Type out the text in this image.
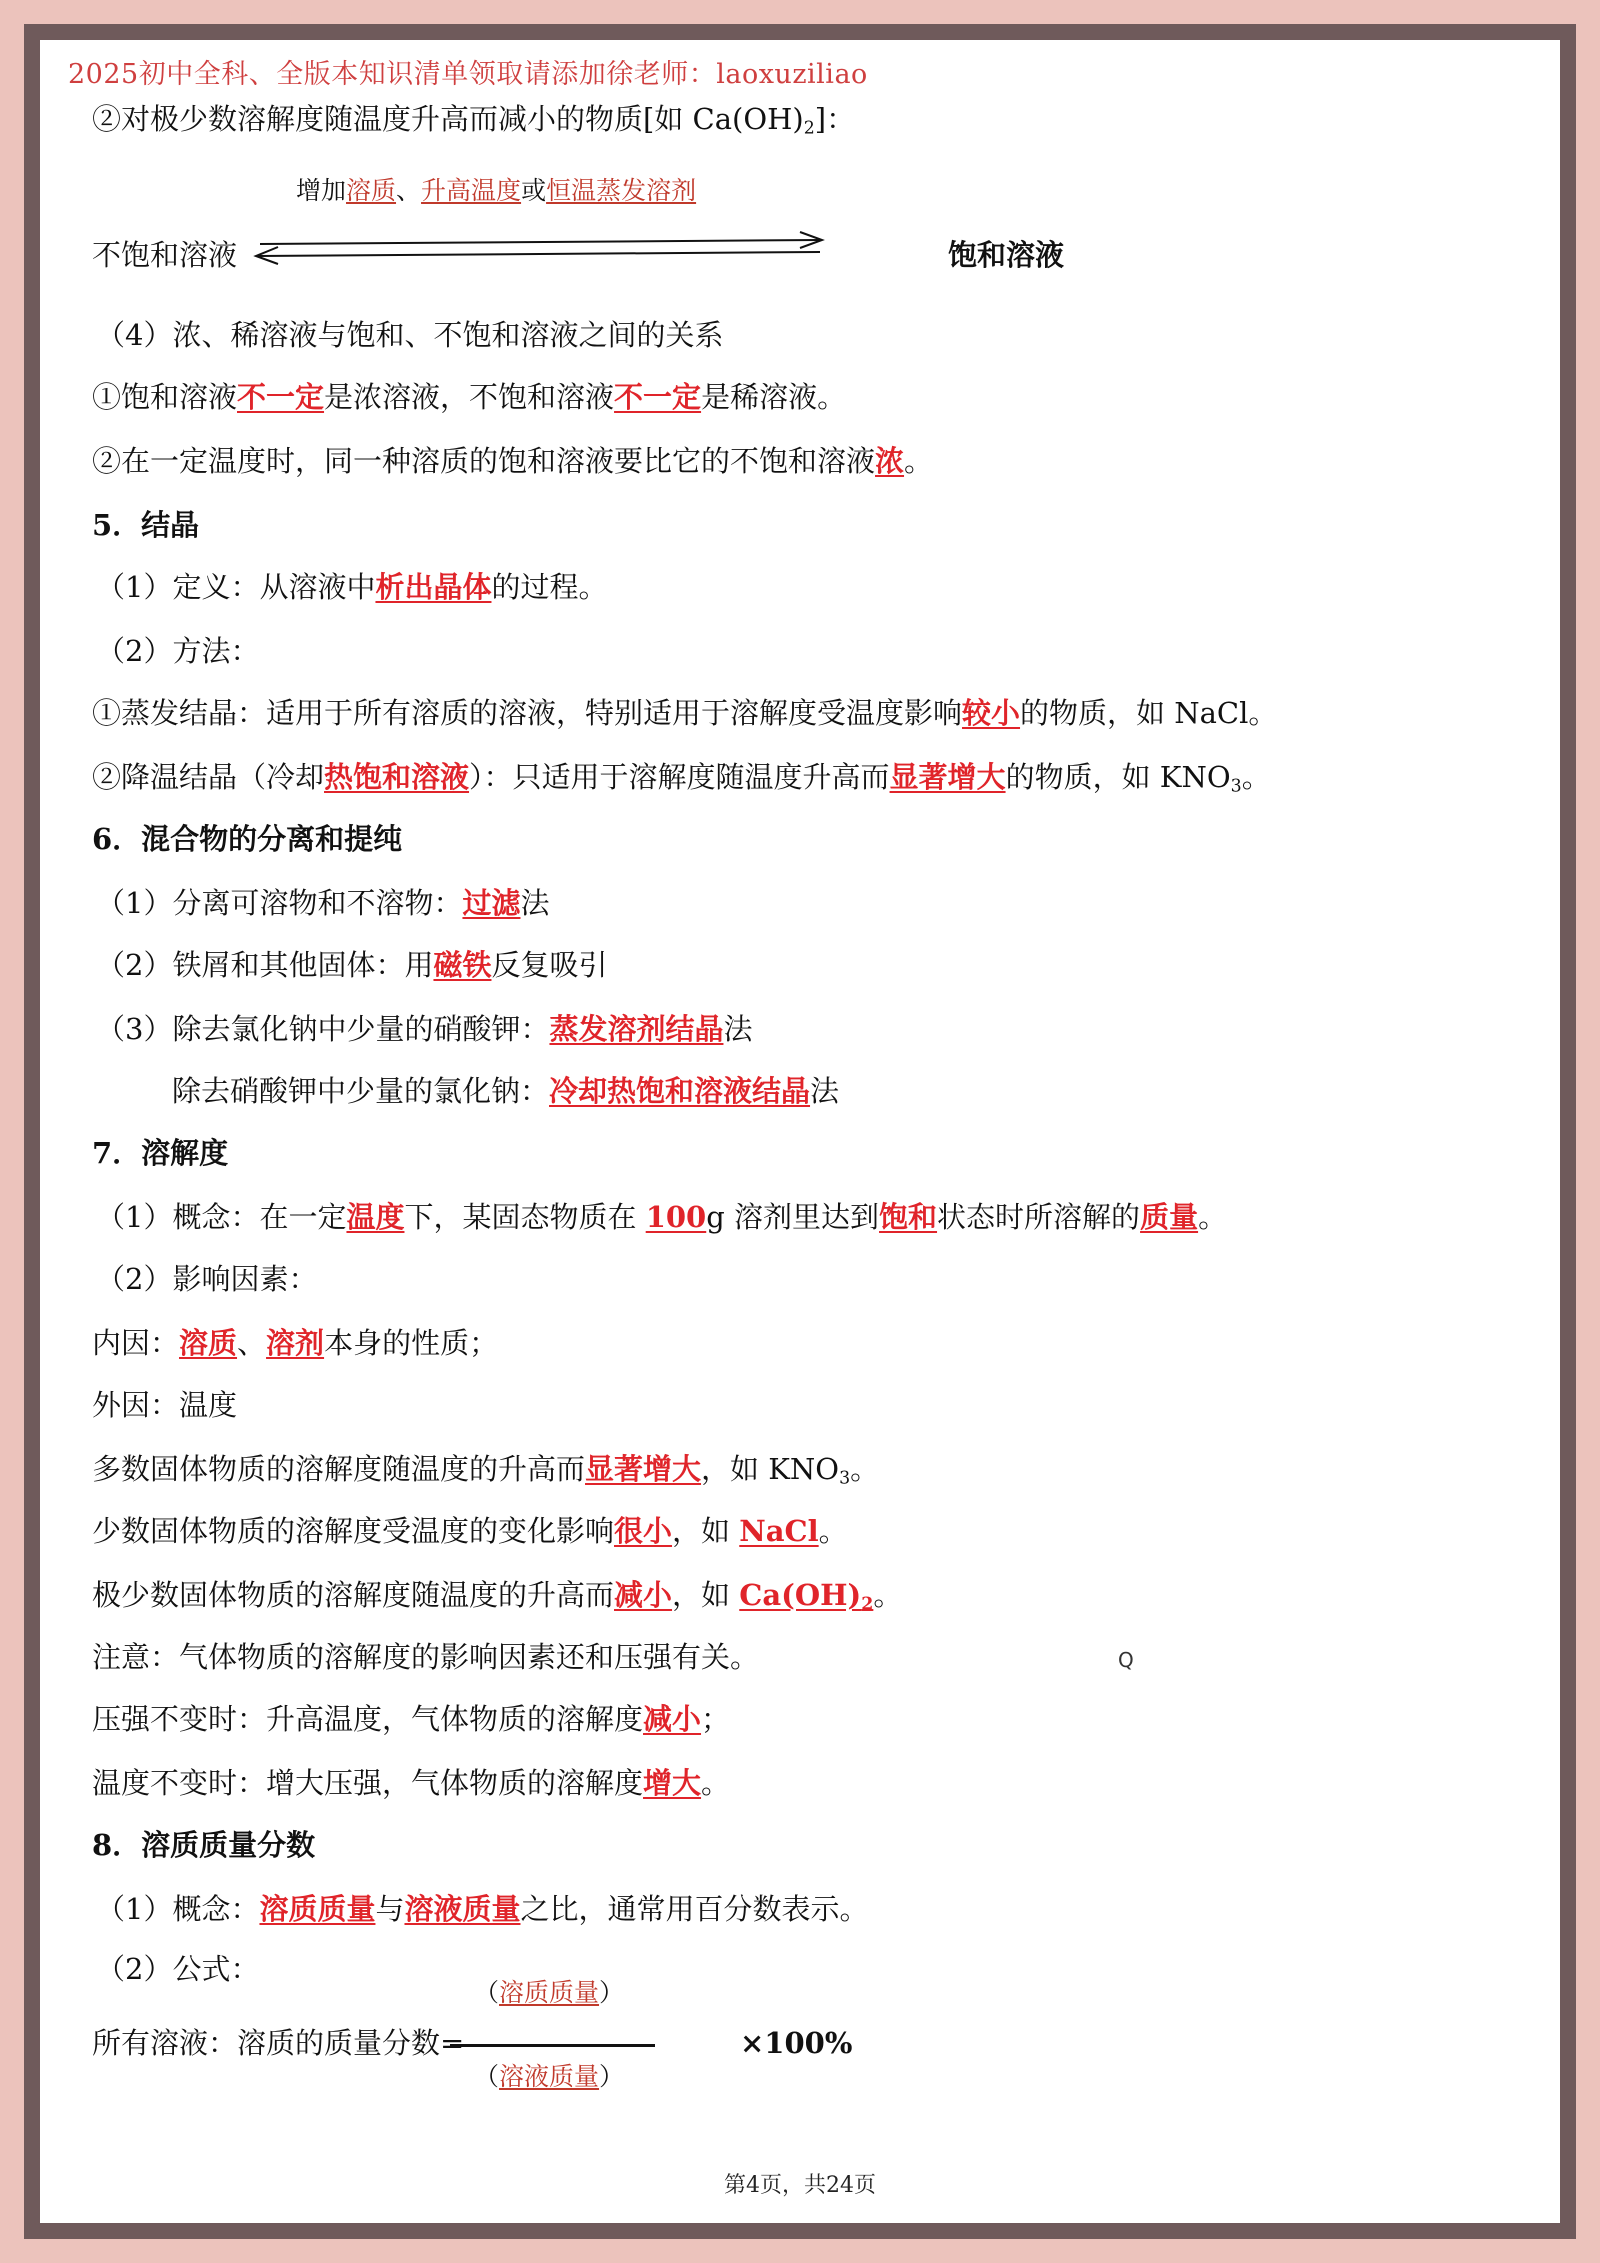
2025初中全科、全版本知识清单领取请添加徐老师：laoxuziliao
②对极少数溶解度随温度升高而减小的物质[如 $Ca(OH)_2$]：
增加溶质、升高温度或恒温蒸发溶剂
不饱和溶液	饱和溶液
（4）浓、稀溶液与饱和、不饱和溶液之间的关系
①饱和溶液不一定是浓溶液，不饱和溶液不一定是稀溶液。
②在一定温度时，同一种溶质的饱和溶液要比它的不饱和溶液浓。
5．结晶
（1）定义：从溶液中析出晶体的过程。
（2）方法：
①蒸发结晶：适用于所有溶质的溶液，特别适用于溶解度受温度影响较小的物质，如 NaCl。
②降温结晶（冷却热饱和溶液）：只适用于溶解度随温度升高而显著增大的物质，如 $KNO_3$。
6．混合物的分离和提纯
（1）分离可溶物和不溶物：过滤法
（2）铁屑和其他固体：用磁铁反复吸引
（3）除去氯化钠中少量的硝酸钾：蒸发溶剂结晶法
除去硝酸钾中少量的氯化钠：冷却热饱和溶液结晶法
7．溶解度
（1）概念：在一定温度下，某固态物质在 100g 溶剂里达到饱和状态时所溶解的质量。
（2）影响因素：
内因：溶质、溶剂本身的性质；
外因：温度
多数固体物质的溶解度随温度的升高而显著增大，如 $KNO_3$。
少数固体物质的溶解度受温度的变化影响很小，如 NaCl。
极少数固体物质的溶解度随温度的升高而减小，如 $Ca(OH)_2$。
注意：气体物质的溶解度的影响因素还和压强有关。	Q
压强不变时：升高温度，气体物质的溶解度减小；
温度不变时：增大压强，气体物质的溶解度增大。
8．溶质质量分数
（1）概念：溶质质量与溶液质量之比，通常用百分数表示。
（2）公式：
（溶质质量）
所有溶液：溶质的质量分数=	×100%
（溶液质量）
第4页，共24页
